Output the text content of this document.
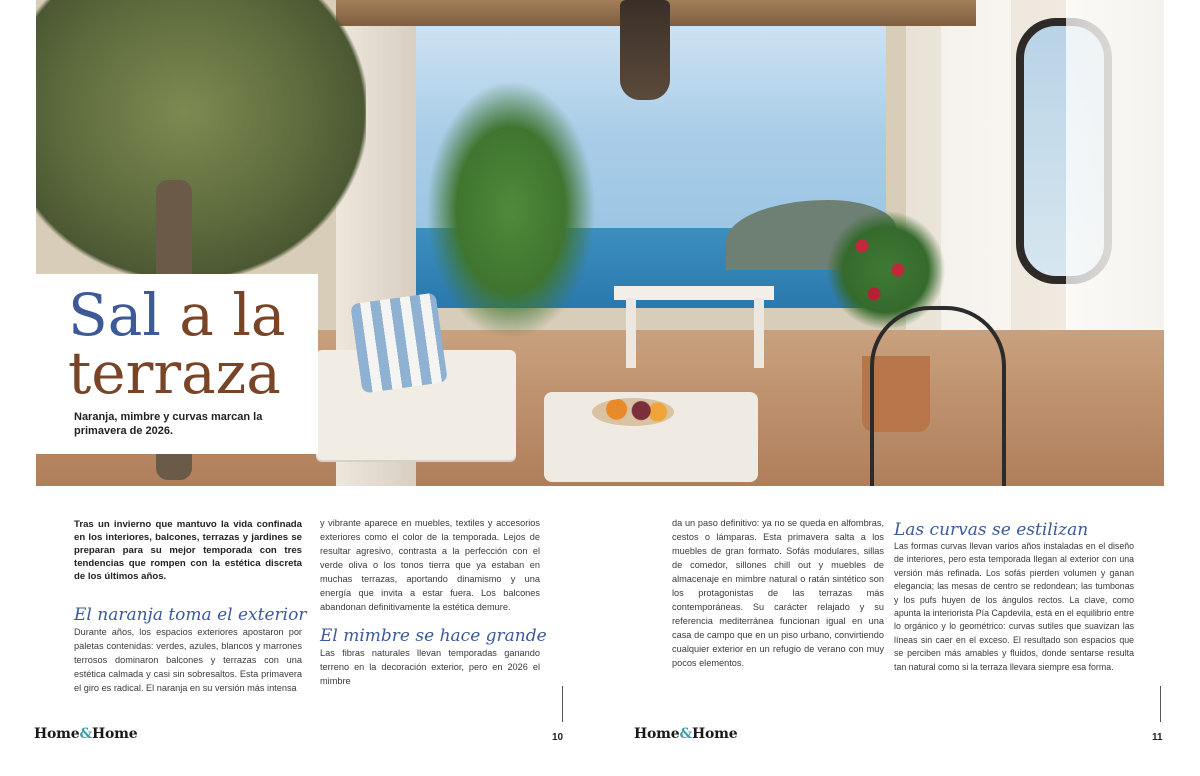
Sal a la
terraza
Naranja, mimbre y curvas marcan la primavera de 2026.

Tras un invierno que mantuvo la vida confinada en los interiores, balcones, terrazas y jardines se preparan para su mejor temporada con tres tendencias que rompen con la estética discreta de los últimos años.

El naranja toma el exterior

Durante años, los espacios exteriores apostaron por paletas contenidas: verdes, azules, blancos y marrones terrosos dominaron balcones y terrazas con una estética calmada y casi sin sobresaltos. Esta primavera el giro es radical. El naranja en su versión más intensa

y vibrante aparece en muebles, textiles y accesorios exteriores como el color de la temporada. Lejos de resultar agresivo, contrasta a la perfección con el verde oliva o los tonos tierra que ya estaban en muchas terrazas, aportando dinamismo y una energía que invita a estar fuera. Los balcones abandonan definitivamente la estética demure.

El mimbre se hace grande

Las fibras naturales llevan temporadas ganando terreno en la decoración exterior, pero en 2026 el mimbre

da un paso definitivo: ya no se queda en alfombras, cestos o lámparas. Esta primavera salta a los muebles de gran formato. Sofás modulares, sillas de comedor, sillones chill out y muebles de almacenaje en mimbre natural o ratán sintético son los protagonistas de las terrazas más contemporáneas. Su carácter relajado y su referencia mediterránea funcionan igual en una casa de campo que en un piso urbano, convirtiendo cualquier exterior en un refugio de verano con muy pocos elementos.

Las curvas se estilizan

Las formas curvas llevan varios años instaladas en el diseño de interiores, pero esta temporada llegan al exterior con una versión más refinada. Los sofás pierden volumen y ganan elegancia; las mesas de centro se redondean; las tumbonas y los pufs huyen de los ángulos rectos. La clave, como apunta la interiorista Pía Capdevila, está en el equilibrio entre lo orgánico y lo geométrico: curvas sutiles que suavizan las líneas sin caer en el exceso. El resultado son espacios que se perciben más amables y fluidos, donde sentarse resulta tan natural como si la terraza llevara siempre esa forma.

Home&Home	10	Home&Home	11
